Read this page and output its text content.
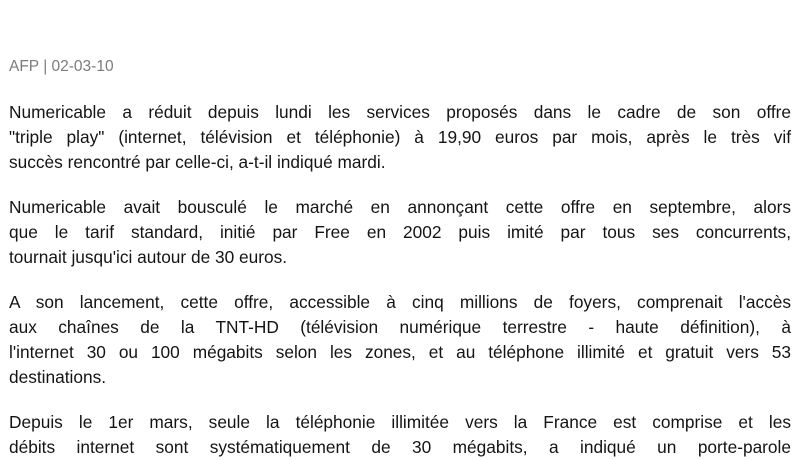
AFP | 02-03-10
Numericable a réduit depuis lundi les services proposés dans le cadre de son offre
"triple play" (internet, télévision et téléphonie) à 19,90 euros par mois, après le très vif
succès rencontré par celle-ci, a-t-il indiqué mardi.
Numericable avait bousculé le marché en annonçant cette offre en septembre, alors
que le tarif standard, initié par Free en 2002 puis imité par tous ses concurrents,
tournait jusqu'ici autour de 30 euros.
A son lancement, cette offre, accessible à cinq millions de foyers, comprenait l'accès
aux chaînes de la TNT-HD (télévision numérique terrestre - haute définition), à
l'internet 30 ou 100 mégabits selon les zones, et au téléphone illimité et gratuit vers 53
destinations.
Depuis le 1er mars, seule la téléphonie illimitée vers la France est comprise et les
débits internet sont systématiquement de 30 mégabits, a indiqué un porte-parole
